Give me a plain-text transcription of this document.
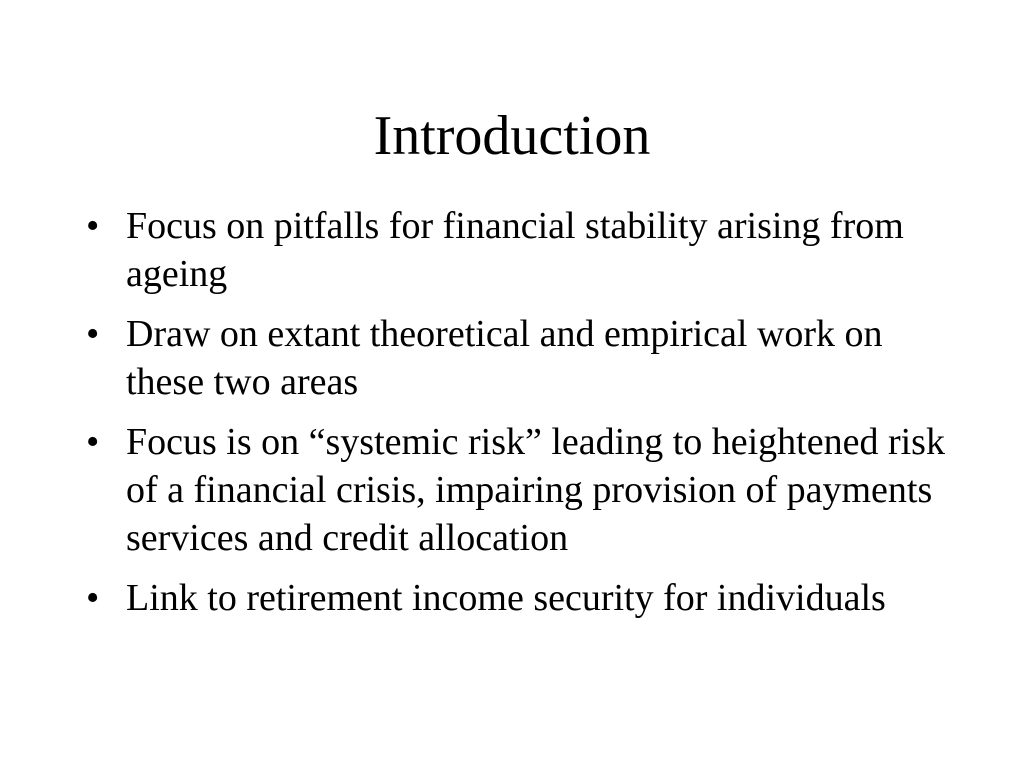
Introduction
• Focus on pitfalls for financial stability arising from ageing
• Draw on extant theoretical and empirical work on these two areas
• Focus is on “systemic risk” leading to heightened risk of a financial crisis, impairing provision of payments services and credit allocation
• Link to retirement income security for individuals
